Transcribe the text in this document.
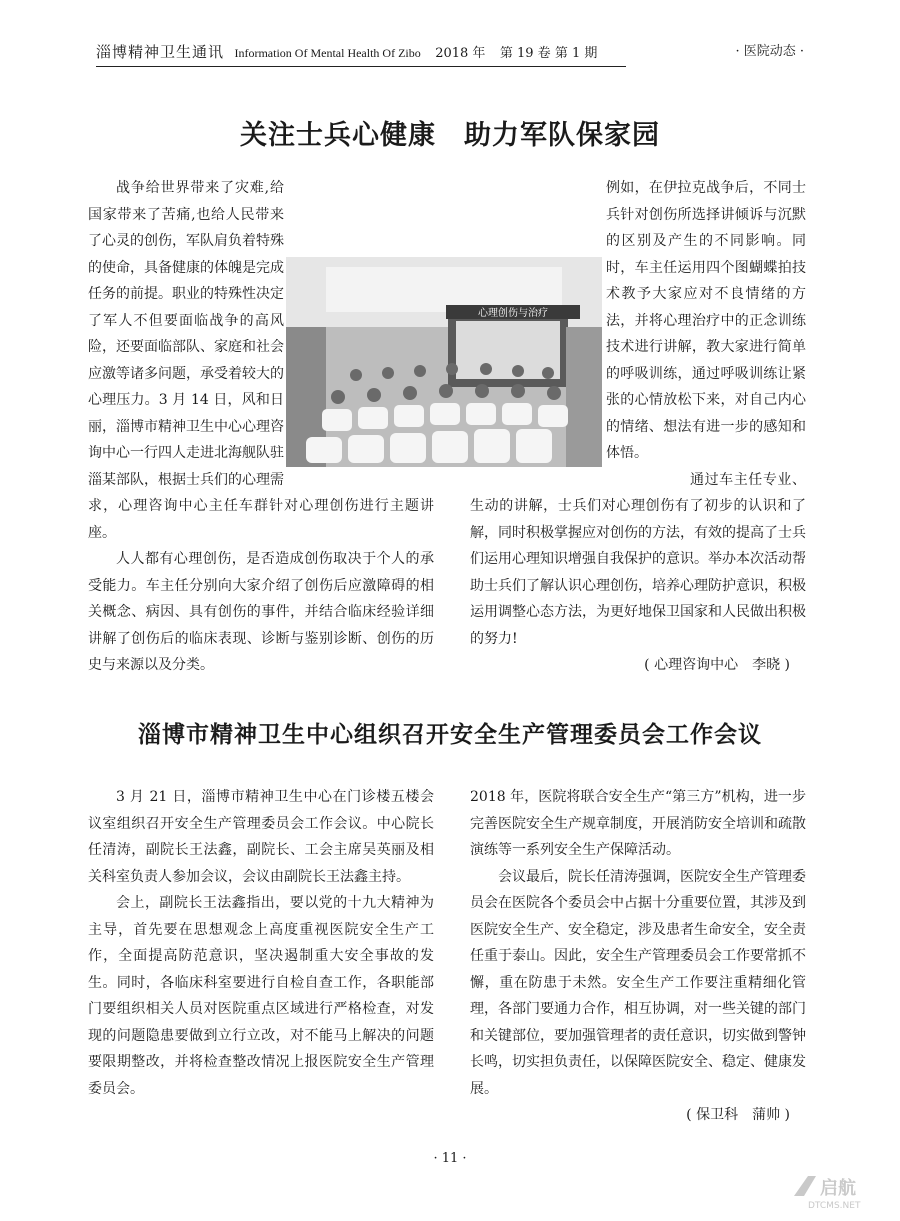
淄博精神卫生通讯 Information Of Mental Health Of Zibo 2018 年 第 19 卷 第 1 期	· 医院动态 ·
关注士兵心健康　助力军队保家园
心理创伤与治疗
· 11 ·
启航
DTCMS.NET

战争给世界带来了灾难,给国家带来了苦痛,也给人民带来了心灵的创伤，军队肩负着特殊的使命，具备健康的体魄是完成任务的前提。职业的特殊性决定了军人不但要面临战争的高风险，还要面临部队、家庭和社会应激等诸多问题，承受着较大的心理压力。3 月 14 日，风和日丽，淄博市精神卫生中心心理咨询中心一行四人走进北海舰队驻淄某部队，根据士兵们的心理需求，心理咨询中心主任车群针对心理创伤进行主题讲座。

人人都有心理创伤，是否造成创伤取决于个人的承受能力。车主任分别向大家介绍了创伤后应激障碍的相关概念、病因、具有创伤的事件，并结合临床经验详细讲解了创伤后的临床表现、诊断与鉴别诊断、创伤的历史与来源以及分类。

例如，在伊拉克战争后，不同士兵针对创伤所选择讲倾诉与沉默的区别及产生的不同影响。同时，车主任运用四个图蝴蝶拍技术教予大家应对不良情绪的方法，并将心理治疗中的正念训练技术进行讲解，教大家进行简单的呼吸训练，通过呼吸训练让紧张的心情放松下来，对自己内心的情绪、想法有进一步的感知和体悟。

通过车主任专业、生动的讲解，士兵们对心理创伤有了初步的认识和了解，同时积极掌握应对创伤的方法，有效的提高了士兵们运用心理知识增强自我保护的意识。举办本次活动帮助士兵们了解认识心理创伤，培养心理防护意识，积极运用调整心态方法，为更好地保卫国家和人民做出积极的努力!

( 心理咨询中心　李晓 )

淄博市精神卫生中心组织召开安全生产管理委员会工作会议

3 月 21 日，淄博市精神卫生中心在门诊楼五楼会议室组织召开安全生产管理委员会工作会议。中心院长任清涛，副院长王法鑫，副院长、工会主席吴英丽及相关科室负责人参加会议，会议由副院长王法鑫主持。

会上，副院长王法鑫指出，要以党的十九大精神为主导，首先要在思想观念上高度重视医院安全生产工作，全面提高防范意识，坚决遏制重大安全事故的发生。同时，各临床科室要进行自检自查工作，各职能部门要组织相关人员对医院重点区域进行严格检查，对发现的问题隐患要做到立行立改，对不能马上解决的问题要限期整改，并将检查整改情况上报医院安全生产管理委员会。

2018 年，医院将联合安全生产“第三方”机构，进一步完善医院安全生产规章制度，开展消防安全培训和疏散演练等一系列安全生产保障活动。

会议最后，院长任清涛强调，医院安全生产管理委员会在医院各个委员会中占据十分重要位置，其涉及到医院安全生产、安全稳定，涉及患者生命安全，安全责任重于泰山。因此，安全生产管理委员会工作要常抓不懈，重在防患于未然。安全生产工作要注重精细化管理，各部门要通力合作，相互协调，对一些关键的部门和关键部位，要加强管理者的责任意识，切实做到警钟长鸣，切实担负责任，以保障医院安全、稳定、健康发展。

( 保卫科　蒲帅 )
